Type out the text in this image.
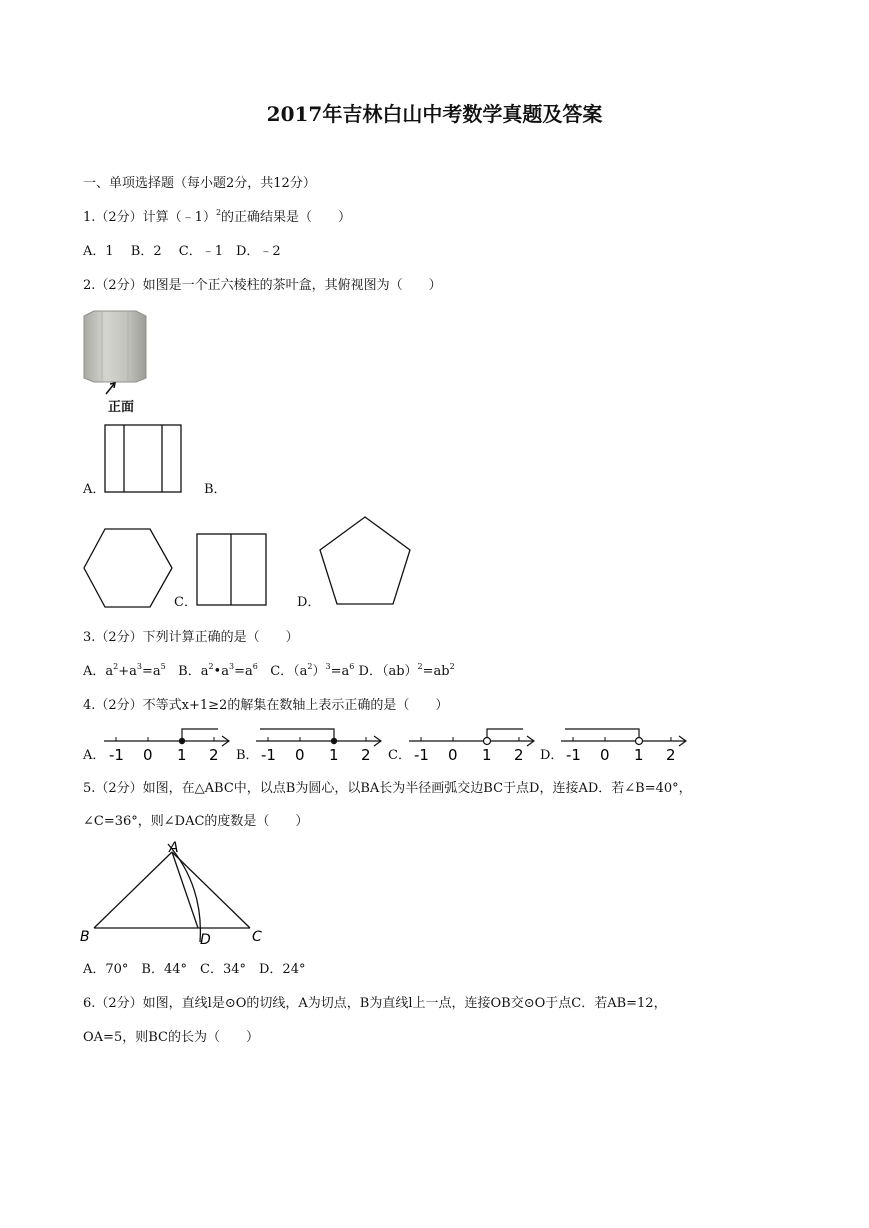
2017年吉林白山中考数学真题及答案
一、单项选择题（每小题2分，共12分）
1.（2分）计算（﹣1）$^2$的正确结果是（　　）
A．1　 B．2　 C．﹣1　D．﹣2
2.（2分）如图是一个正六棱柱的茶叶盒，其俯视图为（　　）
正面
A．	B．
C．	D．
3.（2分）下列计算正确的是（　　）
A．$a^2+a^3=a^5$ B．$a^2•a^3=a^6$ C．$(a^2)^3=a^6$ D．$(ab)^2=ab^2$
4.（2分）不等式x+1≥2的解集在数轴上表示正确的是（　　）
A． -1 0 1 2 B． -1 0 1 2 C． -1 0 1 2 D． -1 0 1 2
5.（2分）如图，在△ABC中，以点B为圆心，以BA长为半径画弧交边BC于点D，连接AD．若∠B=40°，
∠C=36°，则∠DAC的度数是（　　）
A
B	C
D
A．70°　B．44°　C．34°　D．24°
6.（2分）如图，直线l是⊙O的切线，A为切点，B为直线l上一点，连接OB交⊙O于点C．若AB=12，
OA=5，则BC的长为（　　）
